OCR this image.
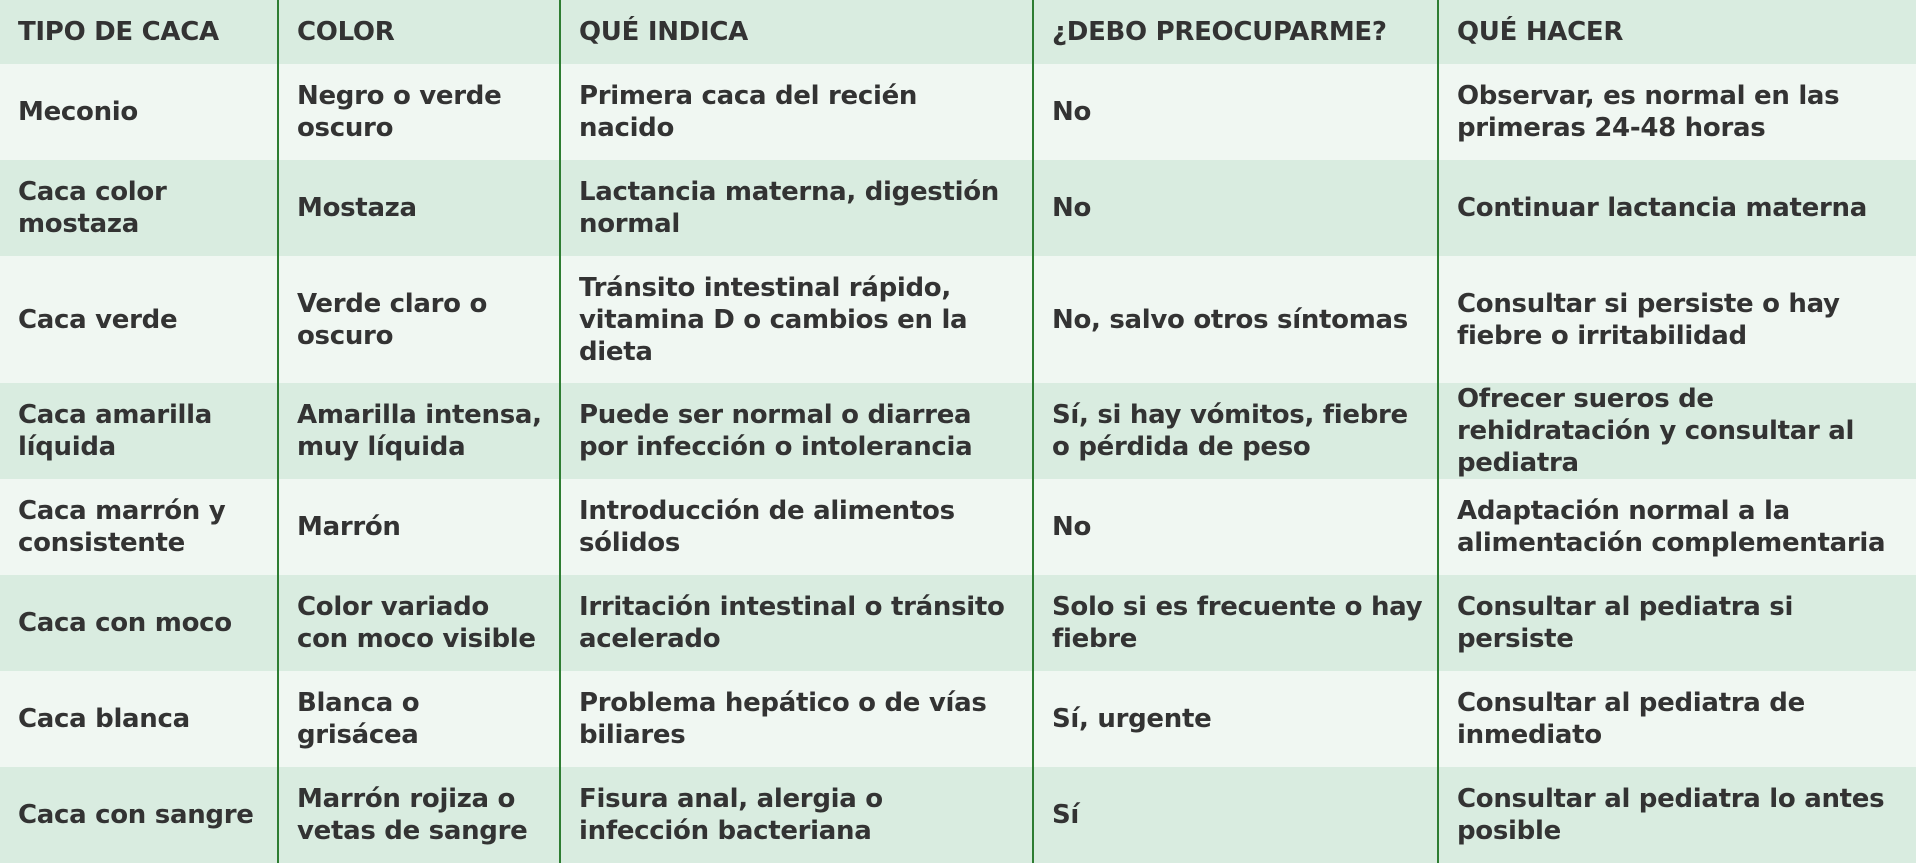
TIPO DE CACA	COLOR	QUÉ INDICA	¿DEBO PREOCUPARME?	QUÉ HACER
Meconio	Negro o verde oscuro	Primera caca del recién nacido	No	Observar, es normal en las primeras 24-48 horas
Caca color mostaza	Mostaza	Lactancia materna, digestión normal	No	Continuar lactancia materna
Caca verde	Verde claro o oscuro	Tránsito intestinal rápido, vitamina D o cambios en la dieta	No, salvo otros síntomas	Consultar si persiste o hay fiebre o irritabilidad
Caca amarilla líquida	Amarilla intensa, muy líquida	Puede ser normal o diarrea por infección o intolerancia	Sí, si hay vómitos, fiebre o pérdida de peso	Ofrecer sueros de rehidratación y consultar al pediatra
Caca marrón y consistente	Marrón	Introducción de alimentos sólidos	No	Adaptación normal a la alimentación complementaria
Caca con moco	Color variado con moco visible	Irritación intestinal o tránsito acelerado	Solo si es frecuente o hay fiebre	Consultar al pediatra si persiste
Caca blanca	Blanca o grisácea	Problema hepático o de vías biliares	Sí, urgente	Consultar al pediatra de inmediato
Caca con sangre	Marrón rojiza o vetas de sangre	Fisura anal, alergia o infección bacteriana	Sí	Consultar al pediatra lo antes posible
